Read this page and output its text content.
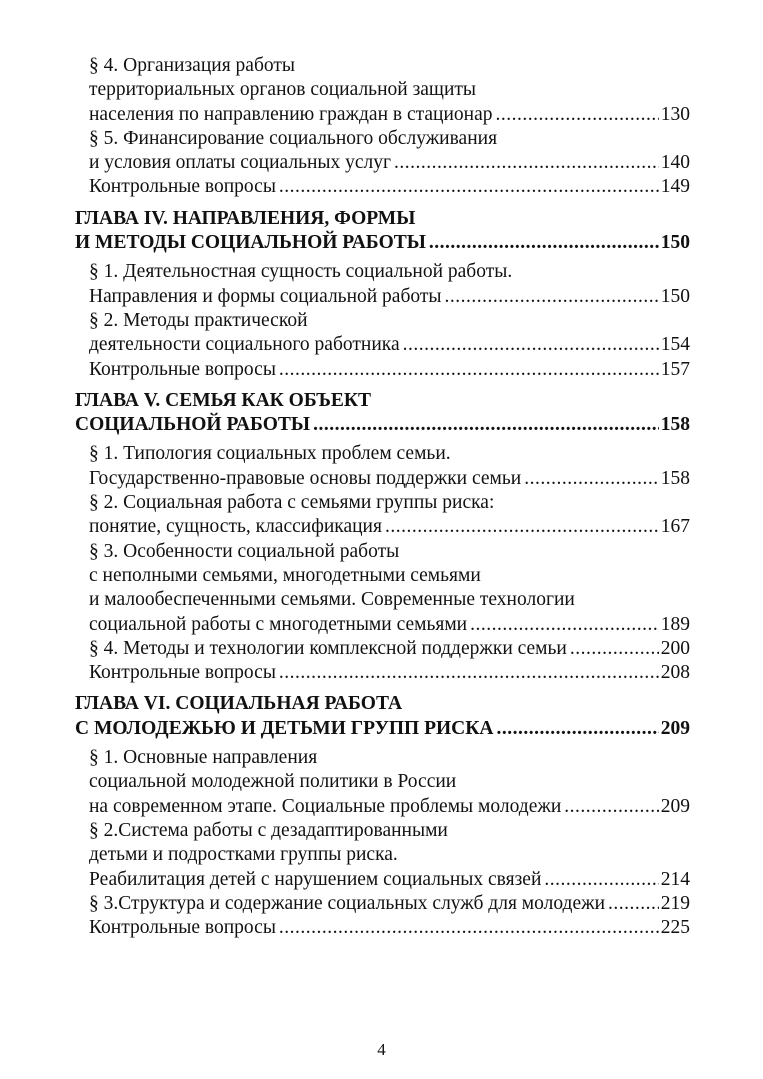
§ 4. Организация работы
территориальных органов социальной защиты
населения по направлению граждан в стационар .....	130
§ 5. Финансирование социального обслуживания
и условия оплаты социальных услуг .....	140
Контрольные вопросы .....	149
ГЛАВА IV. НАПРАВЛЕНИЯ, ФОРМЫ
И МЕТОДЫ СОЦИАЛЬНОЙ РАБОТЫ .....	150
§ 1. Деятельностная сущность социальной работы.
Направления и формы социальной работы .....	150
§ 2. Методы практической
деятельности социального работника .....	154
Контрольные вопросы .....	157
ГЛАВА V. СЕМЬЯ КАК ОБЪЕКТ
СОЦИАЛЬНОЙ РАБОТЫ .....	158
§ 1. Типология социальных проблем семьи.
Государственно-правовые основы поддержки семьи .....	158
§ 2. Социальная работа с семьями группы риска:
понятие, сущность, классификация .....	167
§ 3. Особенности социальной работы
с неполными семьями, многодетными семьями
и малообеспеченными семьями. Современные технологии
социальной работы с многодетными семьями .....	189
§ 4. Методы и технологии комплексной поддержки семьи .....	200
Контрольные вопросы .....	208
ГЛАВА VI. СОЦИАЛЬНАЯ РАБОТА
С МОЛОДЕЖЬЮ И ДЕТЬМИ ГРУПП РИСКА .....	209
§ 1. Основные направления
социальной молодежной политики в России
на современном этапе. Социальные проблемы молодежи .....	209
§ 2.Система работы с дезадаптированными
детьми и подростками группы риска.
Реабилитация детей с нарушением социальных связей .....	214
§ 3.Структура и содержание социальных служб для молодежи .....	219
Контрольные вопросы .....	225
4
